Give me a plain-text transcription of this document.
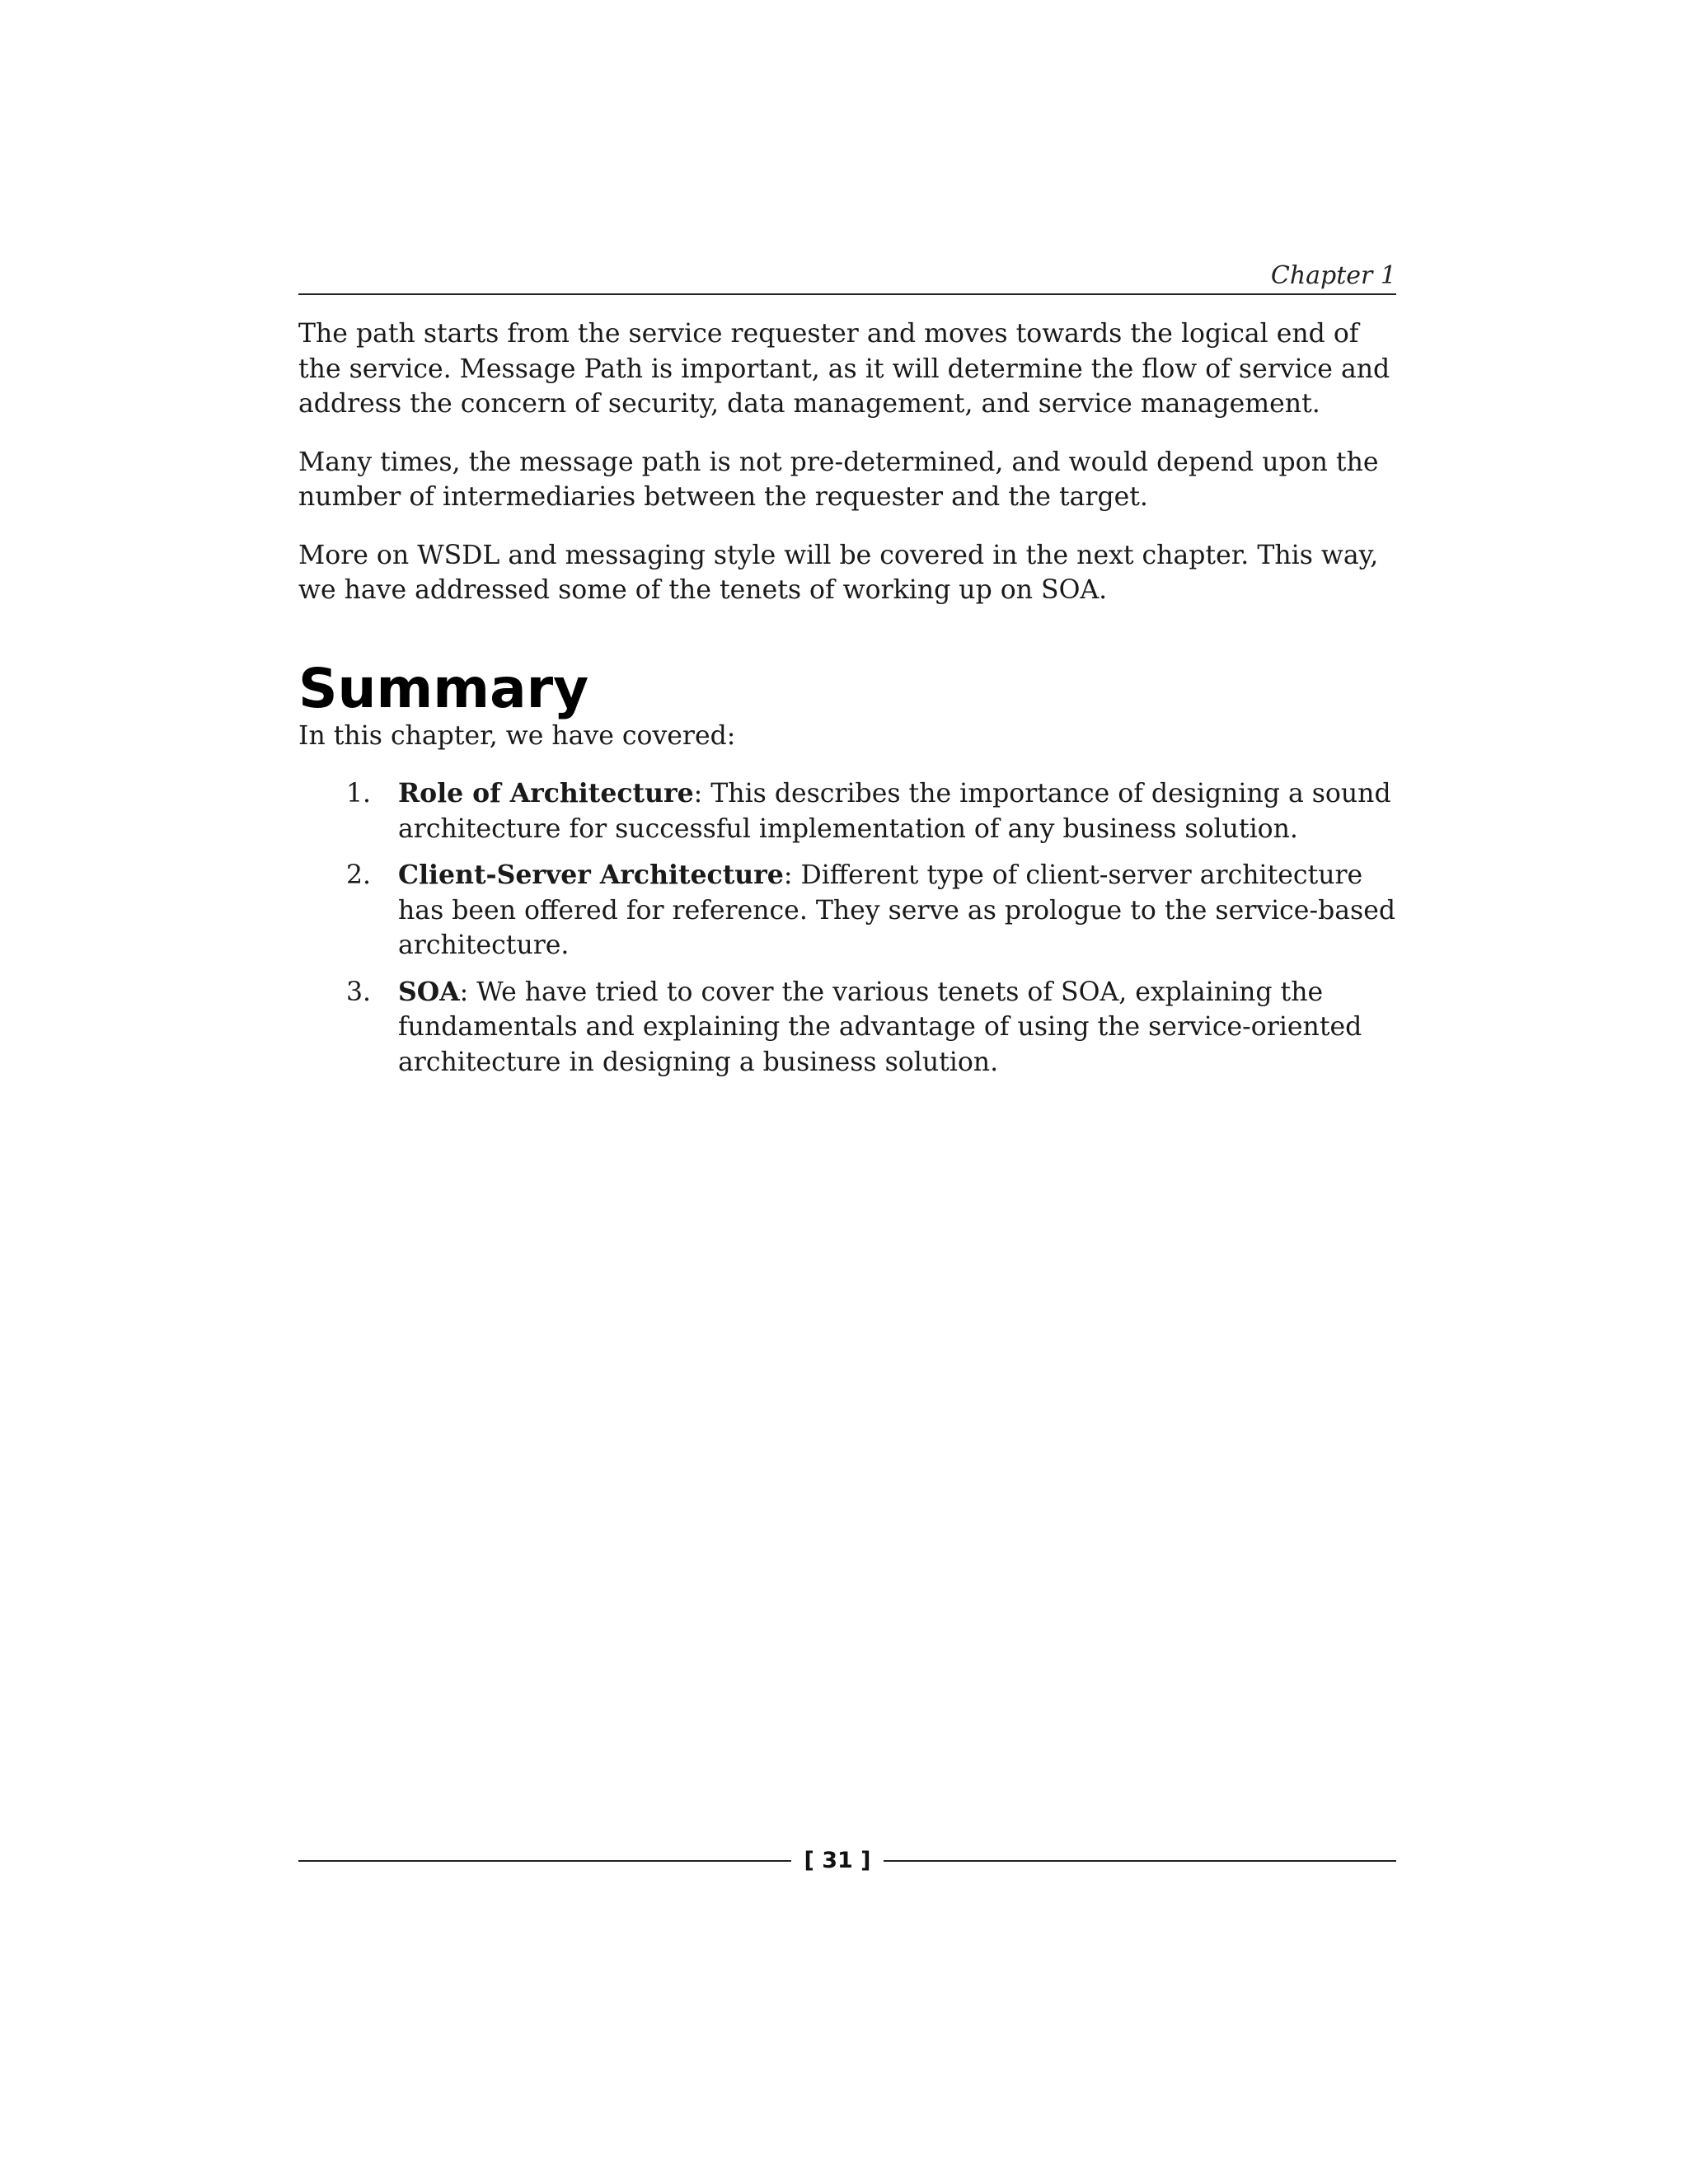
Chapter 1

The path starts from the service requester and moves towards the logical end of the service. Message Path is important, as it will determine the flow of service and address the concern of security, data management, and service management.

Many times, the message path is not pre-determined, and would depend upon the number of intermediaries between the requester and the target.

More on WSDL and messaging style will be covered in the next chapter. This way, we have addressed some of the tenets of working up on SOA.

Summary

In this chapter, we have covered:

1. Role of Architecture: This describes the importance of designing a sound architecture for successful implementation of any business solution.
2. Client-Server Architecture: Different type of client-server architecture has been offered for reference. They serve as prologue to the service-based architecture.
3. SOA: We have tried to cover the various tenets of SOA, explaining the fundamentals and explaining the advantage of using the service-oriented architecture in designing a business solution.
[ 31 ]
